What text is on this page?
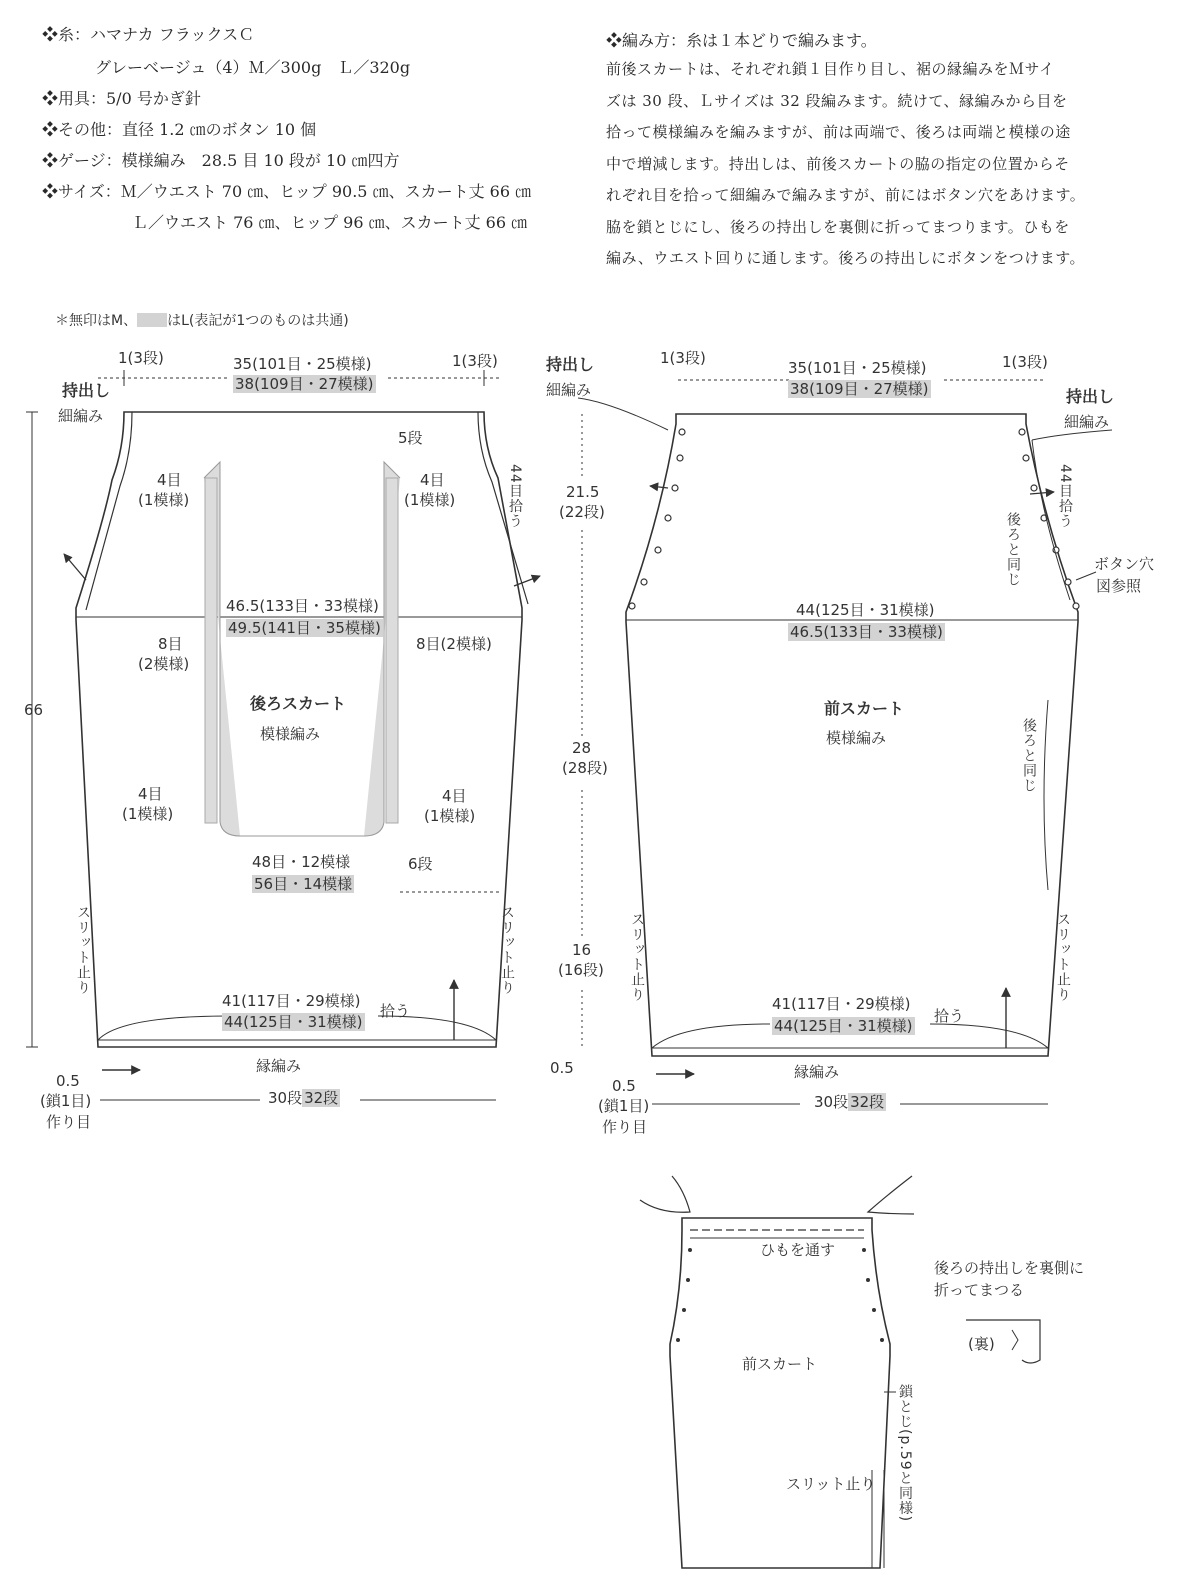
❖糸：ハマナカ フラックスＣ
グレーベージュ（4）Ｍ／300g　Ｌ／320g
❖用具：5/0 号かぎ針
❖その他：直径 1.2 ㎝のボタン 10 個
❖ゲージ：模様編み　28.5 目 10 段が 10 ㎝四方
❖サイズ：Ｍ／ウエスト 70 ㎝、ヒップ 90.5 ㎝、スカート丈 66 ㎝
Ｌ／ウエスト 76 ㎝、ヒップ 96 ㎝、スカート丈 66 ㎝
❖編み方：糸は１本どりで編みます。
前後スカートは、それぞれ鎖１目作り目し、裾の縁編みをＭサイ
ズは 30 段、Ｌサイズは 32 段編みます。続けて、縁編みから目を
拾って模様編みを編みますが、前は両端で、後ろは両端と模様の途
中で増減します。持出しは、前後スカートの脇の指定の位置からそ
れぞれ目を拾って細編みで編みますが、前にはボタン穴をあけます。
脇を鎖とじにし、後ろの持出しを裏側に折ってまつります。ひもを
編み、ウエスト回りに通します。後ろの持出しにボタンをつけます。
＊無印はM、 はL(表記が1つのものは共通)
1(3段)	1(3段)
35(101目・25模様)
38(109目・27模様)
持出し
細編み
5段
4目
(1模様)
4目
(1模様)	44目拾う
46.5(133目・33模様)
49.5(141目・35模様)
8目
(2模様)
8目(2模様)
66	後ろスカート
模様編み
4目
(1模様)
4目
(1模様)
48目・12模様
56目・14模様
6段
スリット止り	スリット止り
41(117目・29模様)
44(125目・31模様)
拾う
縁編み
0.5
(鎖1目)
作り目
30段 32段
持出し
細編み
21.5
(22段)
28
(28段)
16
(16段)
0.5
1(3段)	1(3段)
35(101目・25模様)
38(109目・27模様)	持出し
細編み
44目拾う
後ろと同じ	ボタン穴
図参照
44(125目・31模様)
46.5(133目・33模様)
前スカート
模様編み	後ろと同じ
スリット止り	スリット止り
41(117目・29模様)
44(125目・31模様)
拾う
縁編み
0.5
(鎖1目)
作り目
30段 32段
ひもを通す
前スカート
スリット止り 鎖とじ(p.59と同様)
後ろの持出しを裏側に
折ってまつる
(裏)
